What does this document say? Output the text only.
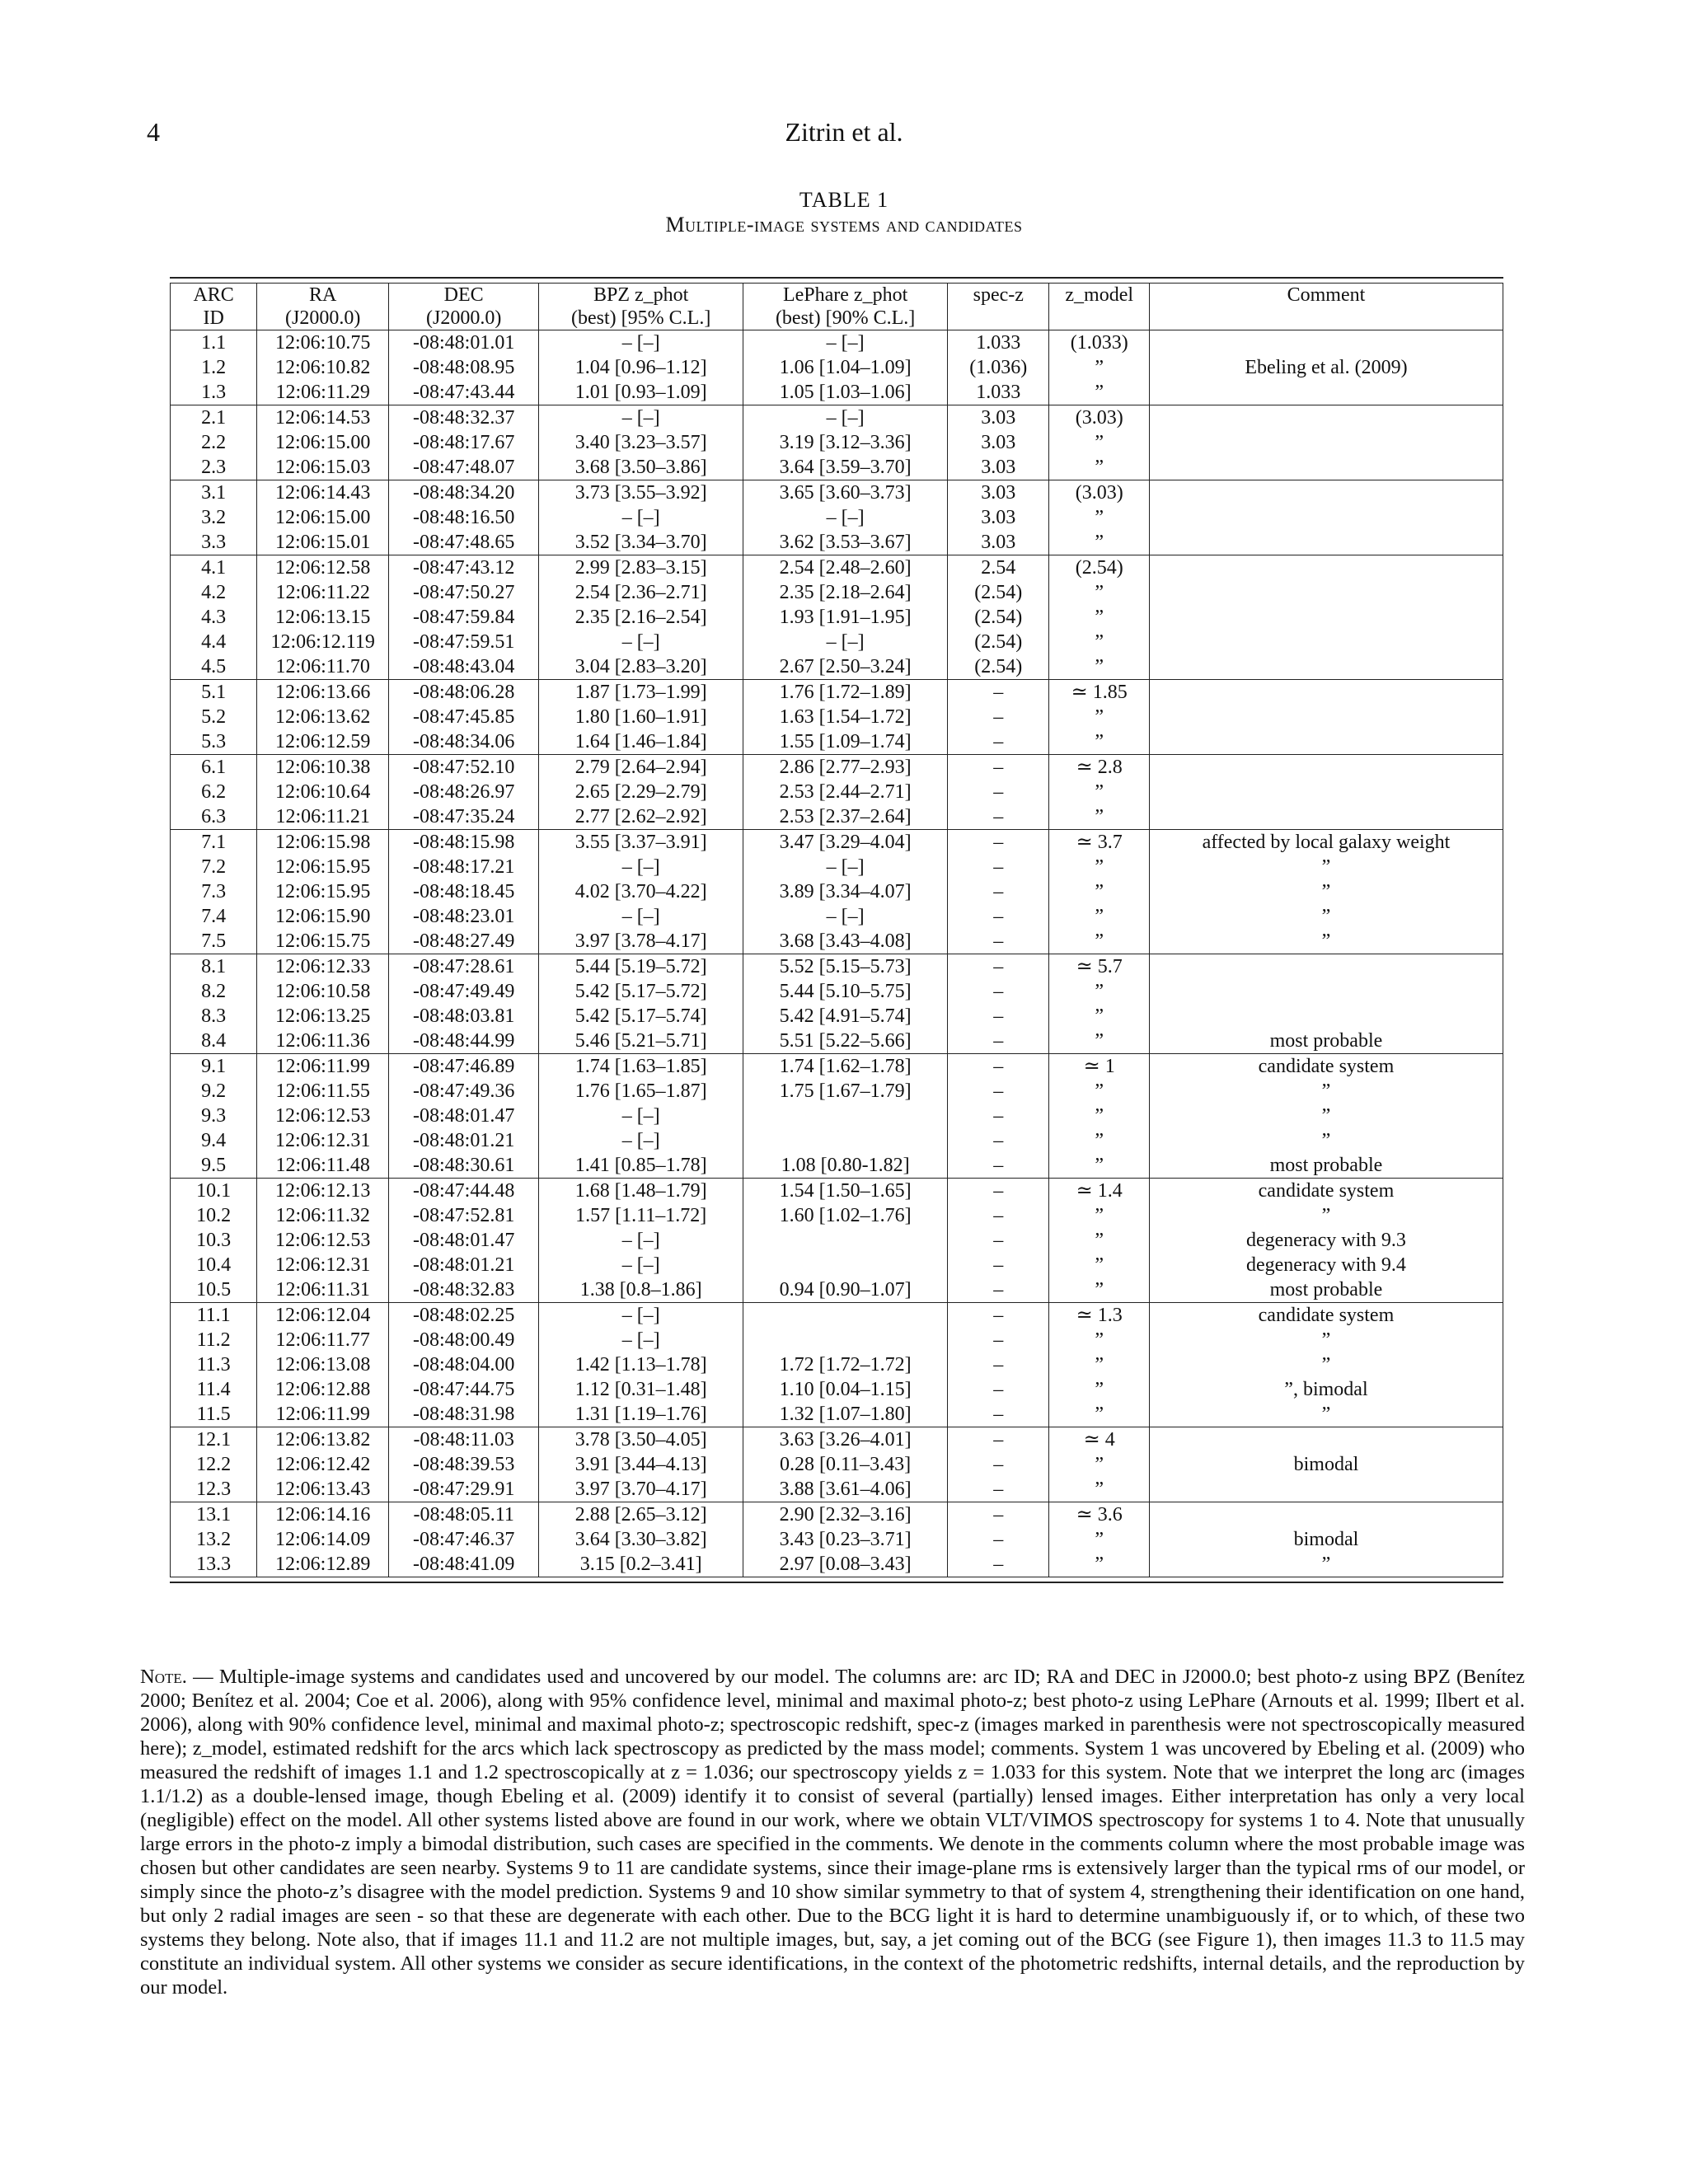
4	Zitrin et al.
TABLE 1
Multiple-image systems and candidates
ARC	RA	DEC	BPZ z_phot	LePhare z_phot	spec-z	z_model	Comment
ID	(J2000.0)	(J2000.0)	(best) [95% C.L.]	(best) [90% C.L.]			
1.1	12:06:10.75	-08:48:01.01	– [–]	– [–]	1.033	(1.033)	
1.2	12:06:10.82	-08:48:08.95	1.04 [0.96–1.12]	1.06 [1.04–1.09]	(1.036)	”	Ebeling et al. (2009)
1.3	12:06:11.29	-08:47:43.44	1.01 [0.93–1.09]	1.05 [1.03–1.06]	1.033	”	
2.1	12:06:14.53	-08:48:32.37	– [–]	– [–]	3.03	(3.03)	
2.2	12:06:15.00	-08:48:17.67	3.40 [3.23–3.57]	3.19 [3.12–3.36]	3.03	”	
2.3	12:06:15.03	-08:47:48.07	3.68 [3.50–3.86]	3.64 [3.59–3.70]	3.03	”	
3.1	12:06:14.43	-08:48:34.20	3.73 [3.55–3.92]	3.65 [3.60–3.73]	3.03	(3.03)	
3.2	12:06:15.00	-08:48:16.50	– [–]	– [–]	3.03	”	
3.3	12:06:15.01	-08:47:48.65	3.52 [3.34–3.70]	3.62 [3.53–3.67]	3.03	”	
4.1	12:06:12.58	-08:47:43.12	2.99 [2.83–3.15]	2.54 [2.48–2.60]	2.54	(2.54)	
4.2	12:06:11.22	-08:47:50.27	2.54 [2.36–2.71]	2.35 [2.18–2.64]	(2.54)	”	
4.3	12:06:13.15	-08:47:59.84	2.35 [2.16–2.54]	1.93 [1.91–1.95]	(2.54)	”	
4.4	12:06:12.119	-08:47:59.51	– [–]	– [–]	(2.54)	”	
4.5	12:06:11.70	-08:48:43.04	3.04 [2.83–3.20]	2.67 [2.50–3.24]	(2.54)	”	
5.1	12:06:13.66	-08:48:06.28	1.87 [1.73–1.99]	1.76 [1.72–1.89]	–	≃ 1.85	
5.2	12:06:13.62	-08:47:45.85	1.80 [1.60–1.91]	1.63 [1.54–1.72]	–	”	
5.3	12:06:12.59	-08:48:34.06	1.64 [1.46–1.84]	1.55 [1.09–1.74]	–	”	
6.1	12:06:10.38	-08:47:52.10	2.79 [2.64–2.94]	2.86 [2.77–2.93]	–	≃ 2.8	
6.2	12:06:10.64	-08:48:26.97	2.65 [2.29–2.79]	2.53 [2.44–2.71]	–	”	
6.3	12:06:11.21	-08:47:35.24	2.77 [2.62–2.92]	2.53 [2.37–2.64]	–	”	
7.1	12:06:15.98	-08:48:15.98	3.55 [3.37–3.91]	3.47 [3.29–4.04]	–	≃ 3.7	affected by local galaxy weight
7.2	12:06:15.95	-08:48:17.21	– [–]	– [–]	–	”	”
7.3	12:06:15.95	-08:48:18.45	4.02 [3.70–4.22]	3.89 [3.34–4.07]	–	”	”
7.4	12:06:15.90	-08:48:23.01	– [–]	– [–]	–	”	”
7.5	12:06:15.75	-08:48:27.49	3.97 [3.78–4.17]	3.68 [3.43–4.08]	–	”	”
8.1	12:06:12.33	-08:47:28.61	5.44 [5.19–5.72]	5.52 [5.15–5.73]	–	≃ 5.7	
8.2	12:06:10.58	-08:47:49.49	5.42 [5.17–5.72]	5.44 [5.10–5.75]	–	”	
8.3	12:06:13.25	-08:48:03.81	5.42 [5.17–5.74]	5.42 [4.91–5.74]	–	”	
8.4	12:06:11.36	-08:48:44.99	5.46 [5.21–5.71]	5.51 [5.22–5.66]	–	”	most probable
9.1	12:06:11.99	-08:47:46.89	1.74 [1.63–1.85]	1.74 [1.62–1.78]	–	≃ 1	candidate system
9.2	12:06:11.55	-08:47:49.36	1.76 [1.65–1.87]	1.75 [1.67–1.79]	–	”	”
9.3	12:06:12.53	-08:48:01.47	– [–]		–	”	”
9.4	12:06:12.31	-08:48:01.21	– [–]		–	”	”
9.5	12:06:11.48	-08:48:30.61	1.41 [0.85–1.78]	1.08 [0.80-1.82]	–	”	most probable
10.1	12:06:12.13	-08:47:44.48	1.68 [1.48–1.79]	1.54 [1.50–1.65]	–	≃ 1.4	candidate system
10.2	12:06:11.32	-08:47:52.81	1.57 [1.11–1.72]	1.60 [1.02–1.76]	–	”	”
10.3	12:06:12.53	-08:48:01.47	– [–]		–	”	degeneracy with 9.3
10.4	12:06:12.31	-08:48:01.21	– [–]		–	”	degeneracy with 9.4
10.5	12:06:11.31	-08:48:32.83	1.38 [0.8–1.86]	0.94 [0.90–1.07]	–	”	most probable
11.1	12:06:12.04	-08:48:02.25	– [–]		–	≃ 1.3	candidate system
11.2	12:06:11.77	-08:48:00.49	– [–]		–	”	”
11.3	12:06:13.08	-08:48:04.00	1.42 [1.13–1.78]	1.72 [1.72–1.72]	–	”	”
11.4	12:06:12.88	-08:47:44.75	1.12 [0.31–1.48]	1.10 [0.04–1.15]	–	”	”, bimodal
11.5	12:06:11.99	-08:48:31.98	1.31 [1.19–1.76]	1.32 [1.07–1.80]	–	”	”
12.1	12:06:13.82	-08:48:11.03	3.78 [3.50–4.05]	3.63 [3.26–4.01]	–	≃ 4	
12.2	12:06:12.42	-08:48:39.53	3.91 [3.44–4.13]	0.28 [0.11–3.43]	–	”	bimodal
12.3	12:06:13.43	-08:47:29.91	3.97 [3.70–4.17]	3.88 [3.61–4.06]	–	”	
13.1	12:06:14.16	-08:48:05.11	2.88 [2.65–3.12]	2.90 [2.32–3.16]	–	≃ 3.6	
13.2	12:06:14.09	-08:47:46.37	3.64 [3.30–3.82]	3.43 [0.23–3.71]	–	”	bimodal
13.3	12:06:12.89	-08:48:41.09	3.15 [0.2–3.41]	2.97 [0.08–3.43]	–	”	”
Note. — Multiple-image systems and candidates used and uncovered by our model. The columns are: arc ID; RA and DEC in J2000.0; best photo-z using BPZ (Benítez 2000; Benítez et al. 2004; Coe et al. 2006), along with 95% confidence level, minimal and maximal photo-z; best photo-z using LePhare (Arnouts et al. 1999; Ilbert et al. 2006), along with 90% confidence level, minimal and maximal photo-z; spectroscopic redshift, spec-z (images marked in parenthesis were not spectroscopically measured here); z_model, estimated redshift for the arcs which lack spectroscopy as predicted by the mass model; comments. System 1 was uncovered by Ebeling et al. (2009) who measured the redshift of images 1.1 and 1.2 spectroscopically at z = 1.036; our spectroscopy yields z = 1.033 for this system. Note that we interpret the long arc (images 1.1/1.2) as a double-lensed image, though Ebeling et al. (2009) identify it to consist of several (partially) lensed images. Either interpretation has only a very local (negligible) effect on the model. All other systems listed above are found in our work, where we obtain VLT/VIMOS spectroscopy for systems 1 to 4. Note that unusually large errors in the photo-z imply a bimodal distribution, such cases are specified in the comments. We denote in the comments column where the most probable image was chosen but other candidates are seen nearby. Systems 9 to 11 are candidate systems, since their image-plane rms is extensively larger than the typical rms of our model, or simply since the photo-z’s disagree with the model prediction. Systems 9 and 10 show similar symmetry to that of system 4, strengthening their identification on one hand, but only 2 radial images are seen - so that these are degenerate with each other. Due to the BCG light it is hard to determine unambiguously if, or to which, of these two systems they belong. Note also, that if images 11.1 and 11.2 are not multiple images, but, say, a jet coming out of the BCG (see Figure 1), then images 11.3 to 11.5 may constitute an individual system. All other systems we consider as secure identifications, in the context of the photometric redshifts, internal details, and the reproduction by our model.
